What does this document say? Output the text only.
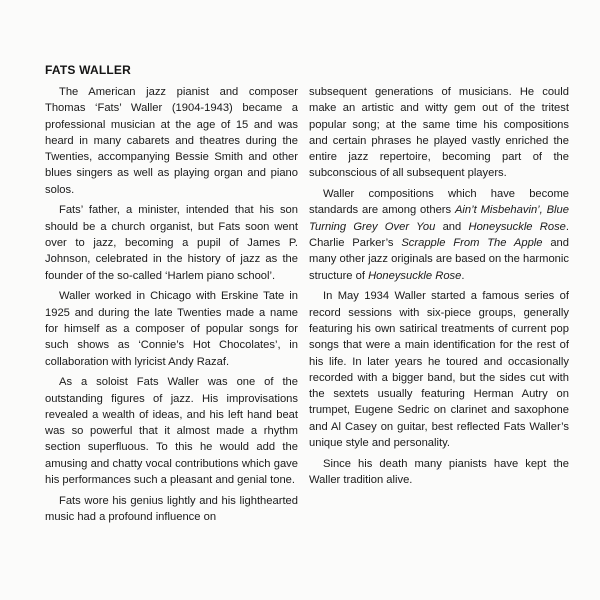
FATS WALLER

The American jazz pianist and composer Thomas ‘Fats’ Waller (1904-1943) became a professional musician at the age of 15 and was heard in many cabarets and theatres during the Twenties, accompanying Bessie Smith and other blues singers as well as playing organ and piano solos.

Fats’ father, a minister, intended that his son should be a church organist, but Fats soon went over to jazz, becoming a pupil of James P. Johnson, celebrated in the history of jazz as the founder of the so-called ‘Harlem piano school’.

Waller worked in Chicago with Erskine Tate in 1925 and during the late Twenties made a name for himself as a composer of popular songs for such shows as ‘Connie’s Hot Chocolates’, in collaboration with lyricist Andy Razaf.

As a soloist Fats Waller was one of the outstanding figures of jazz. His improvisations revealed a wealth of ideas, and his left hand beat was so powerful that it almost made a rhythm section superfluous. To this he would add the amusing and chatty vocal contributions which gave his performances such a pleasant and genial tone.

Fats wore his genius lightly and his lighthearted music had a profound influence on

subsequent generations of musicians. He could make an artistic and witty gem out of the tritest popular song; at the same time his compositions and certain phrases he played vastly enriched the entire jazz repertoire, becoming part of the subconscious of all subsequent players.

Waller compositions which have become standards are among others Ain’t Misbehavin’, Blue Turning Grey Over You and Honeysuckle Rose. Charlie Parker’s Scrapple From The Apple and many other jazz originals are based on the harmonic structure of Honeysuckle Rose.

In May 1934 Waller started a famous series of record sessions with six-piece groups, generally featuring his own satirical treatments of current pop songs that were a main identification for the rest of his life. In later years he toured and occasionally recorded with a bigger band, but the sides cut with the sextets usually featuring Herman Autry on trumpet, Eugene Sedric on clarinet and saxophone and Al Casey on guitar, best reflected Fats Waller’s unique style and personality.

Since his death many pianists have kept the Waller tradition alive.
